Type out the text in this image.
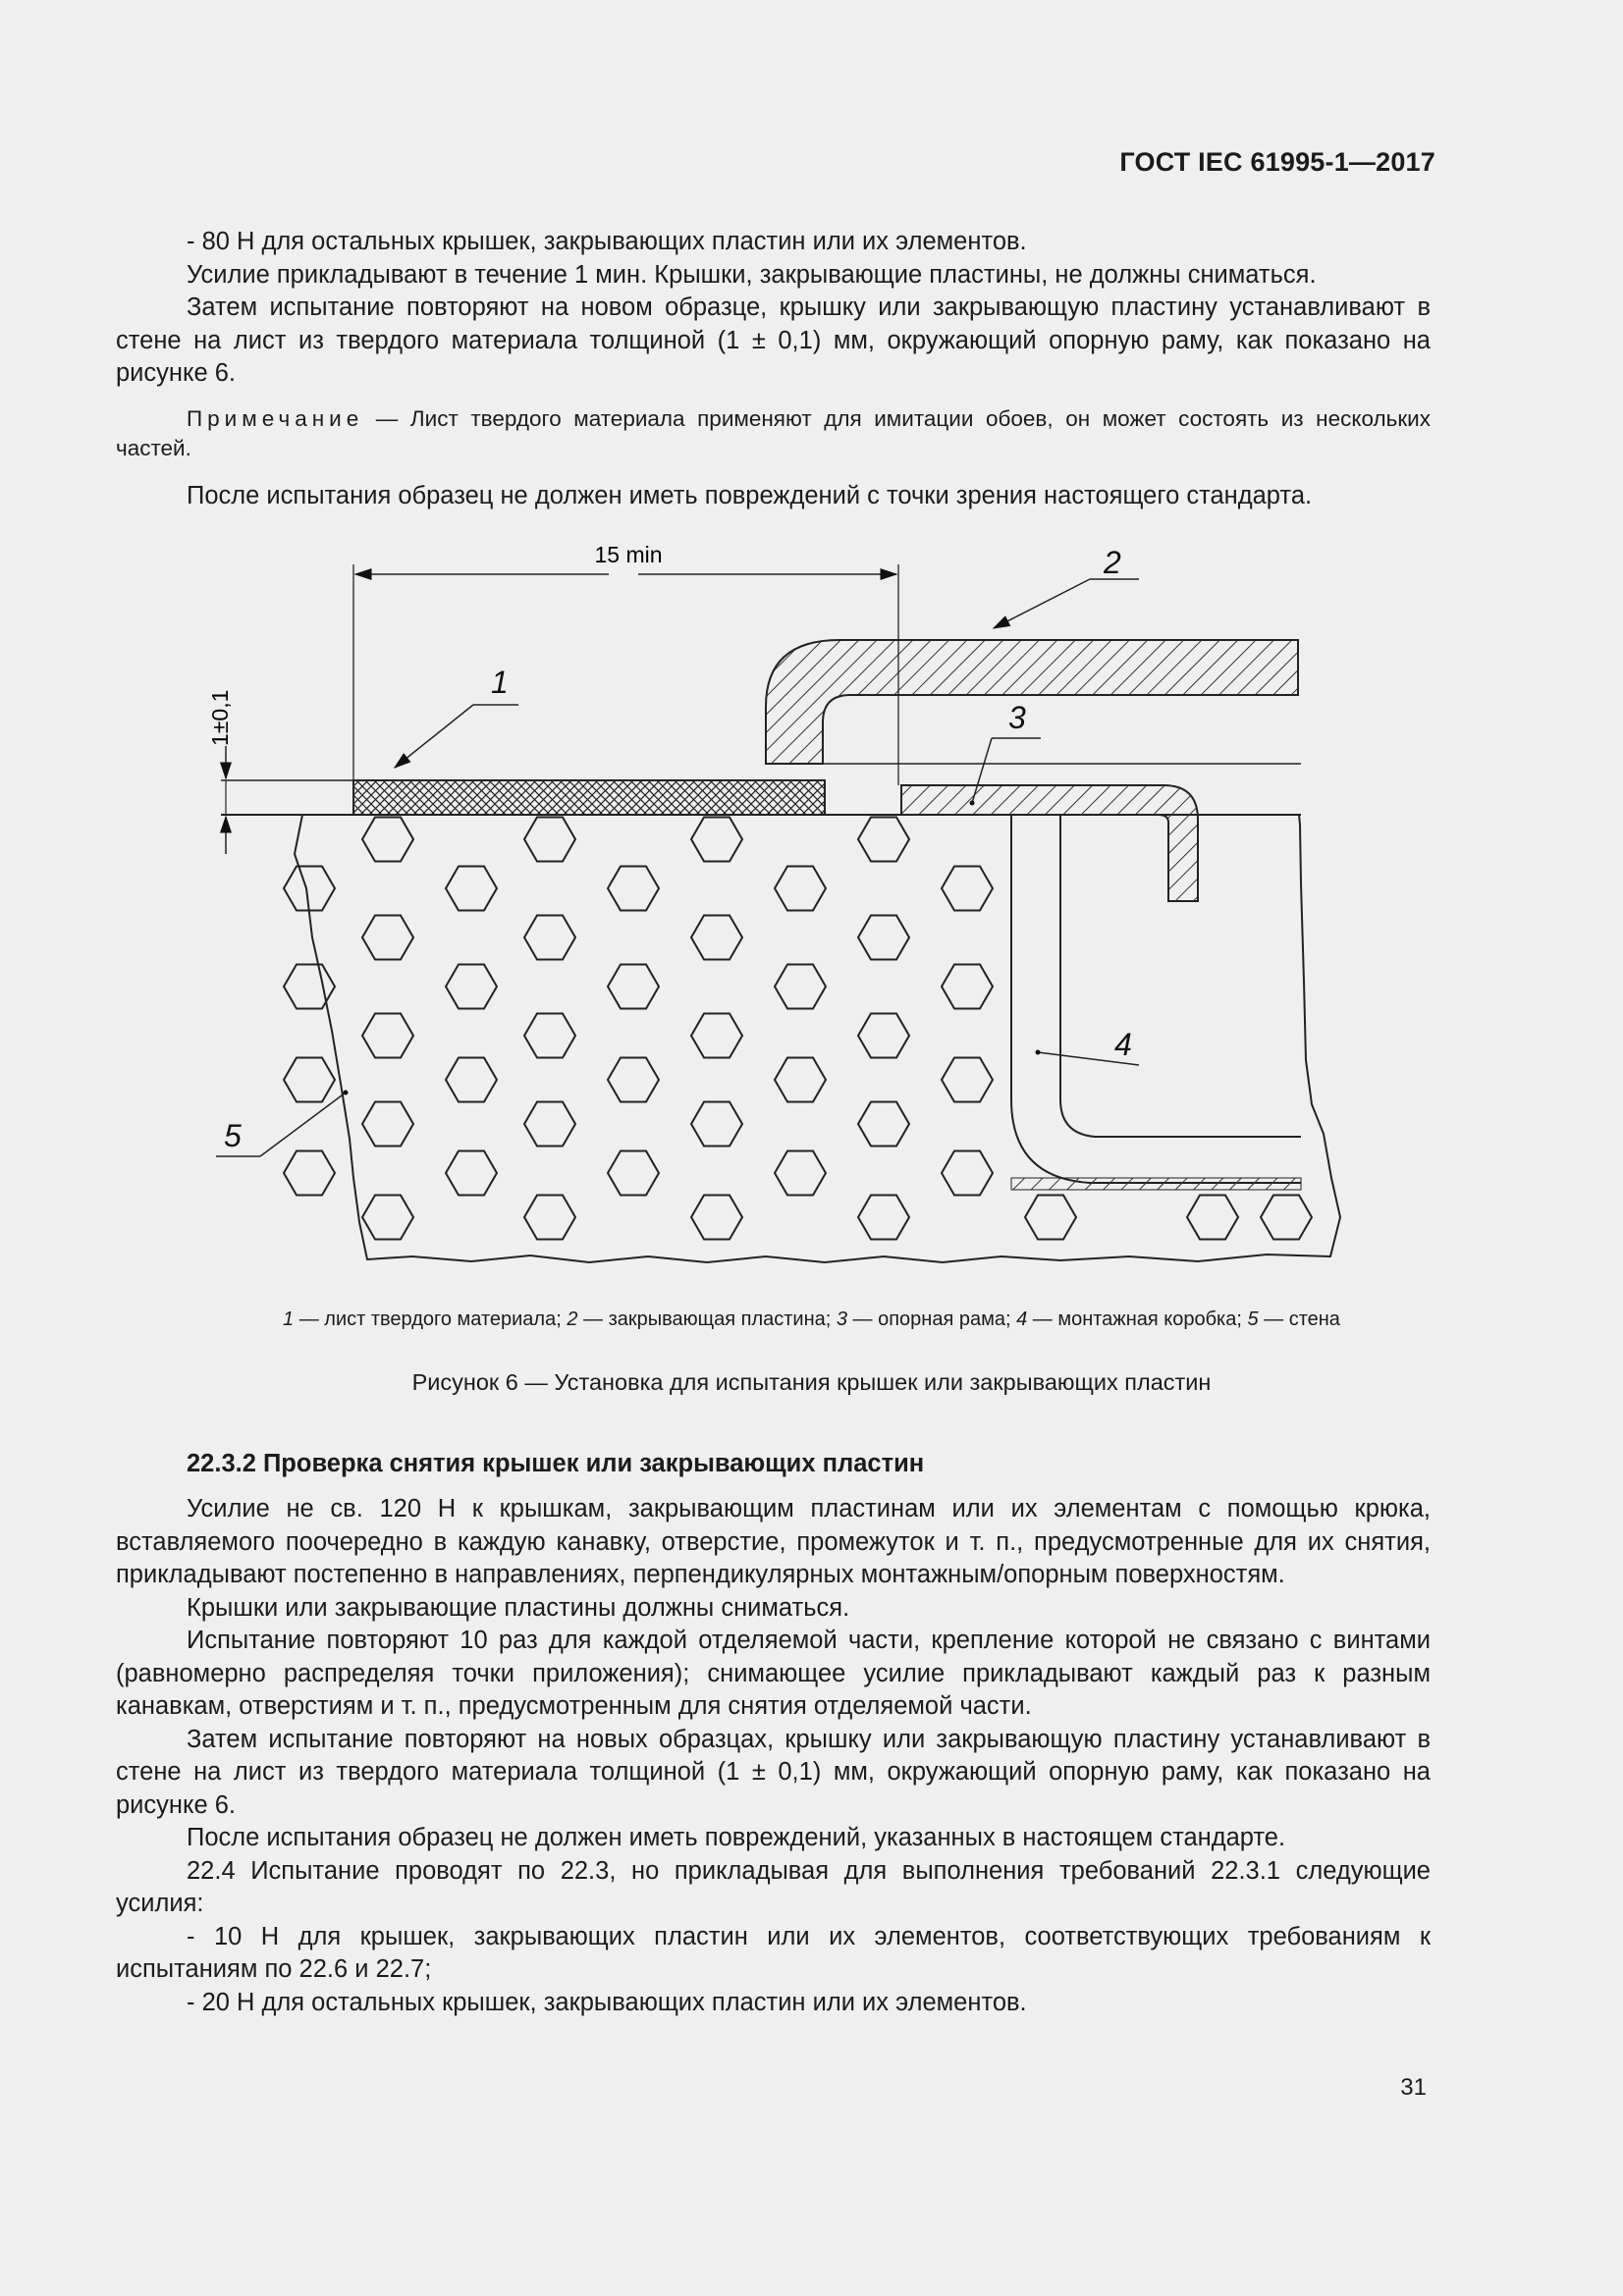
ГОСТ IEC 61995-1—2017

- 80 Н для остальных крышек, закрывающих пластин или их элементов.

Усилие прикладывают в течение 1 мин. Крышки, закрывающие пластины, не должны сниматься.

Затем испытание повторяют на новом образце, крышку или закрывающую пластину устанавливают в стене на лист из твердого материала толщиной (1 ± 0,1) мм, окружающий опорную раму, как показано на рисунке 6.

Примечание — Лист твердого материала применяют для имитации обоев, он может состоять из нескольких частей.

После испытания образец не должен иметь повреждений с точки зрения настоящего стандарта.

1±0,1
15 min
1
2
3
4
5
1 — лист твердого материала; 2 — закрывающая пластина; 3 — опорная рама; 4 — монтажная коробка; 5 — стена
Рисунок 6 — Установка для испытания крышек или закрывающих пластин
22.3.2 Проверка снятия крышек или закрывающих пластин

Усилие не св. 120 Н к крышкам, закрывающим пластинам или их элементам с помощью крюка, вставляемого поочередно в каждую канавку, отверстие, промежуток и т. п., предусмотренные для их снятия, прикладывают постепенно в направлениях, перпендикулярных монтажным/опорным поверхностям.

Крышки или закрывающие пластины должны сниматься.

Испытание повторяют 10 раз для каждой отделяемой части, крепление которой не связано с винтами (равномерно распределяя точки приложения); снимающее усилие прикладывают каждый раз к разным канавкам, отверстиям и т. п., предусмотренным для снятия отделяемой части.

Затем испытание повторяют на новых образцах, крышку или закрывающую пластину устанавливают в стене на лист из твердого материала толщиной (1 ± 0,1) мм, окружающий опорную раму, как показано на рисунке 6.

После испытания образец не должен иметь повреждений, указанных в настоящем стандарте.

22.4 Испытание проводят по 22.3, но прикладывая для выполнения требований 22.3.1 следующие усилия:

- 10 Н для крышек, закрывающих пластин или их элементов, соответствующих требованиям к испытаниям по 22.6 и 22.7;

- 20 Н для остальных крышек, закрывающих пластин или их элементов.

31
